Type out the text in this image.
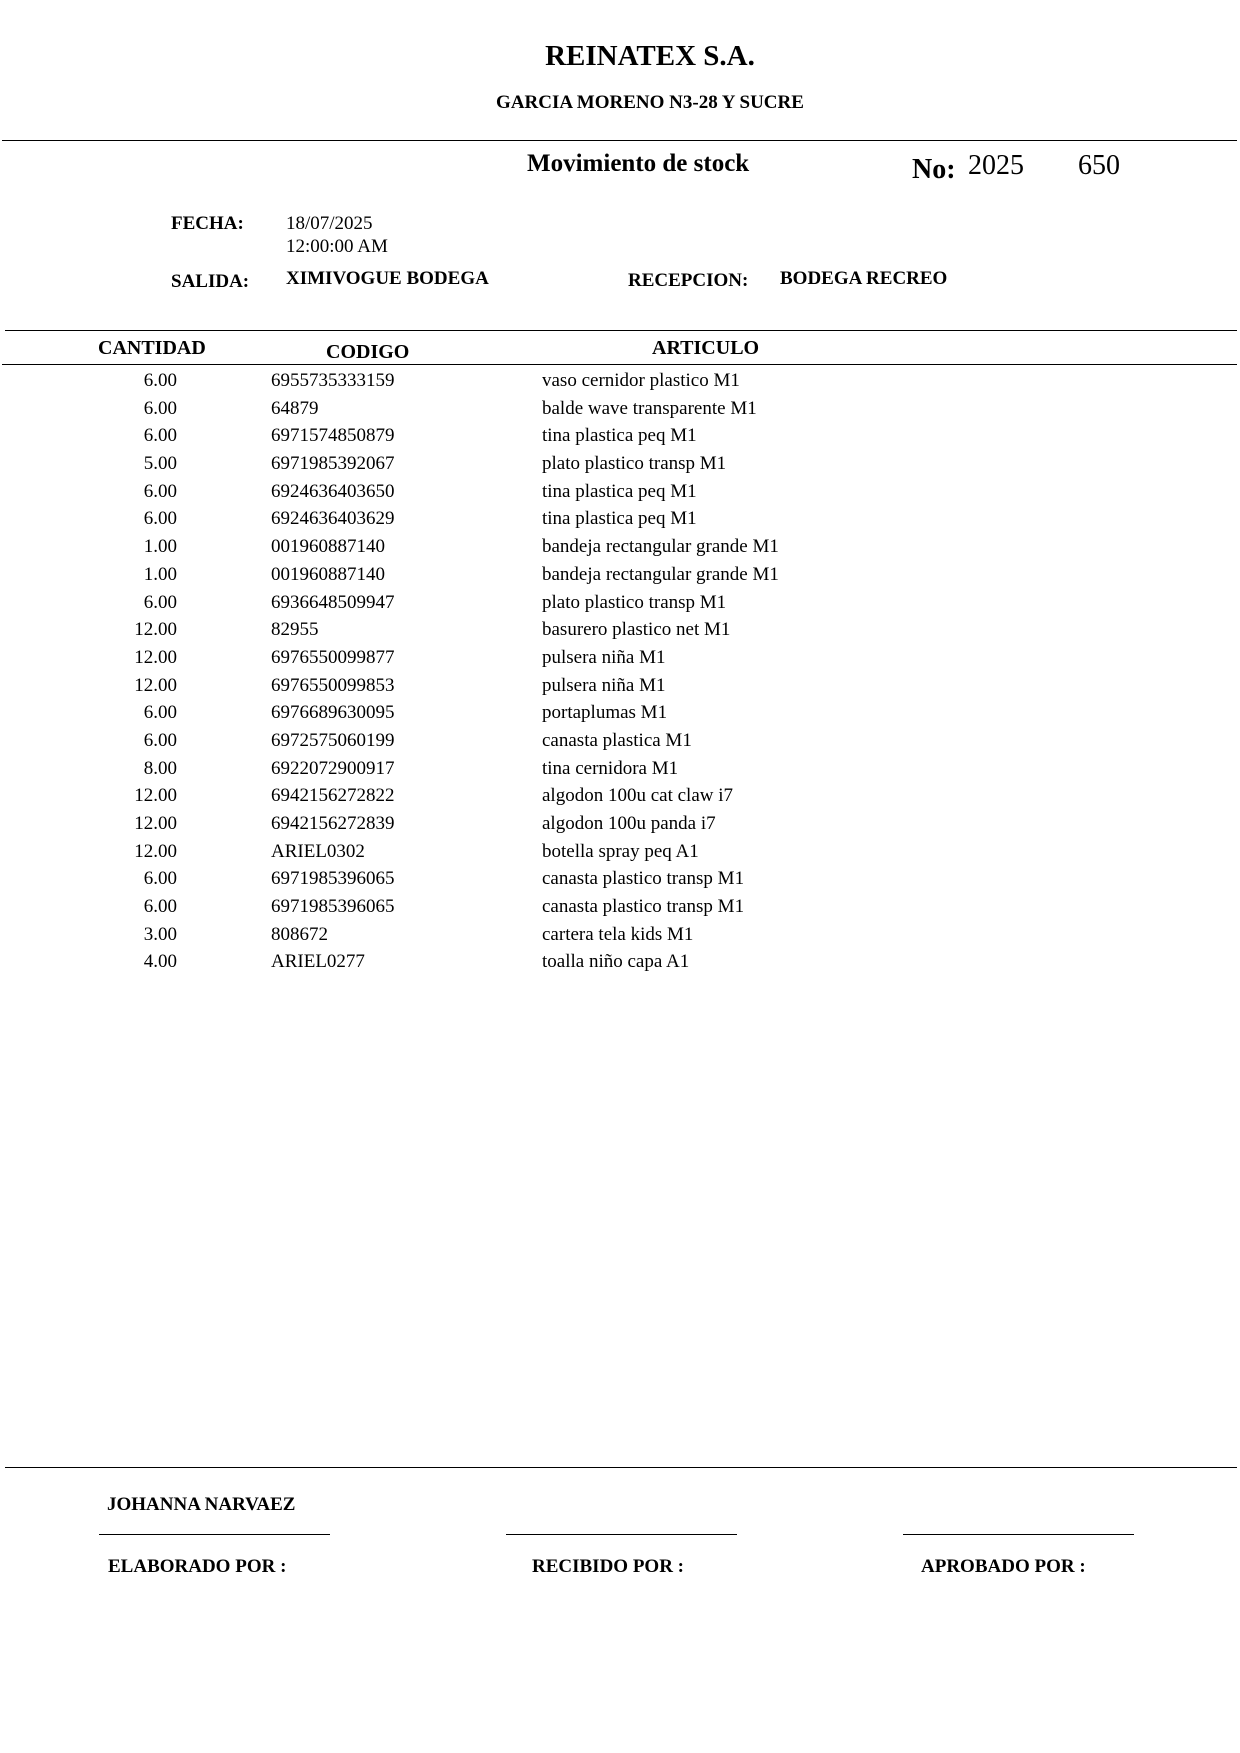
REINATEX S.A.
GARCIA MORENO N3-28 Y SUCRE
Movimiento de stock	No: 2025 650
FECHA: 18/07/2025
12:00:00 AM
SALIDA: XIMIVOGUE BODEGA	RECEPCION: BODEGA RECREO
CANTIDAD	CODIGO	ARTICULO
6.00	6955735333159	vaso cernidor plastico M1
6.00	64879	balde wave transparente M1
6.00	6971574850879	tina plastica peq M1
5.00	6971985392067	plato plastico transp M1
6.00	6924636403650	tina plastica peq M1
6.00	6924636403629	tina plastica peq M1
1.00	001960887140	bandeja rectangular grande M1
1.00	001960887140	bandeja rectangular grande M1
6.00	6936648509947	plato plastico transp M1
12.00	82955	basurero plastico net M1
12.00	6976550099877	pulsera niña M1
12.00	6976550099853	pulsera niña M1
6.00	6976689630095	portaplumas M1
6.00	6972575060199	canasta plastica M1
8.00	6922072900917	tina cernidora M1
12.00	6942156272822	algodon 100u cat claw i7
12.00	6942156272839	algodon 100u panda i7
12.00	ARIEL0302	botella spray peq A1
6.00	6971985396065	canasta plastico transp M1
6.00	6971985396065	canasta plastico transp M1
3.00	808672	cartera tela kids M1
4.00	ARIEL0277	toalla niño capa A1
JOHANNA NARVAEZ
ELABORADO POR :	RECIBIDO POR :	APROBADO POR :
